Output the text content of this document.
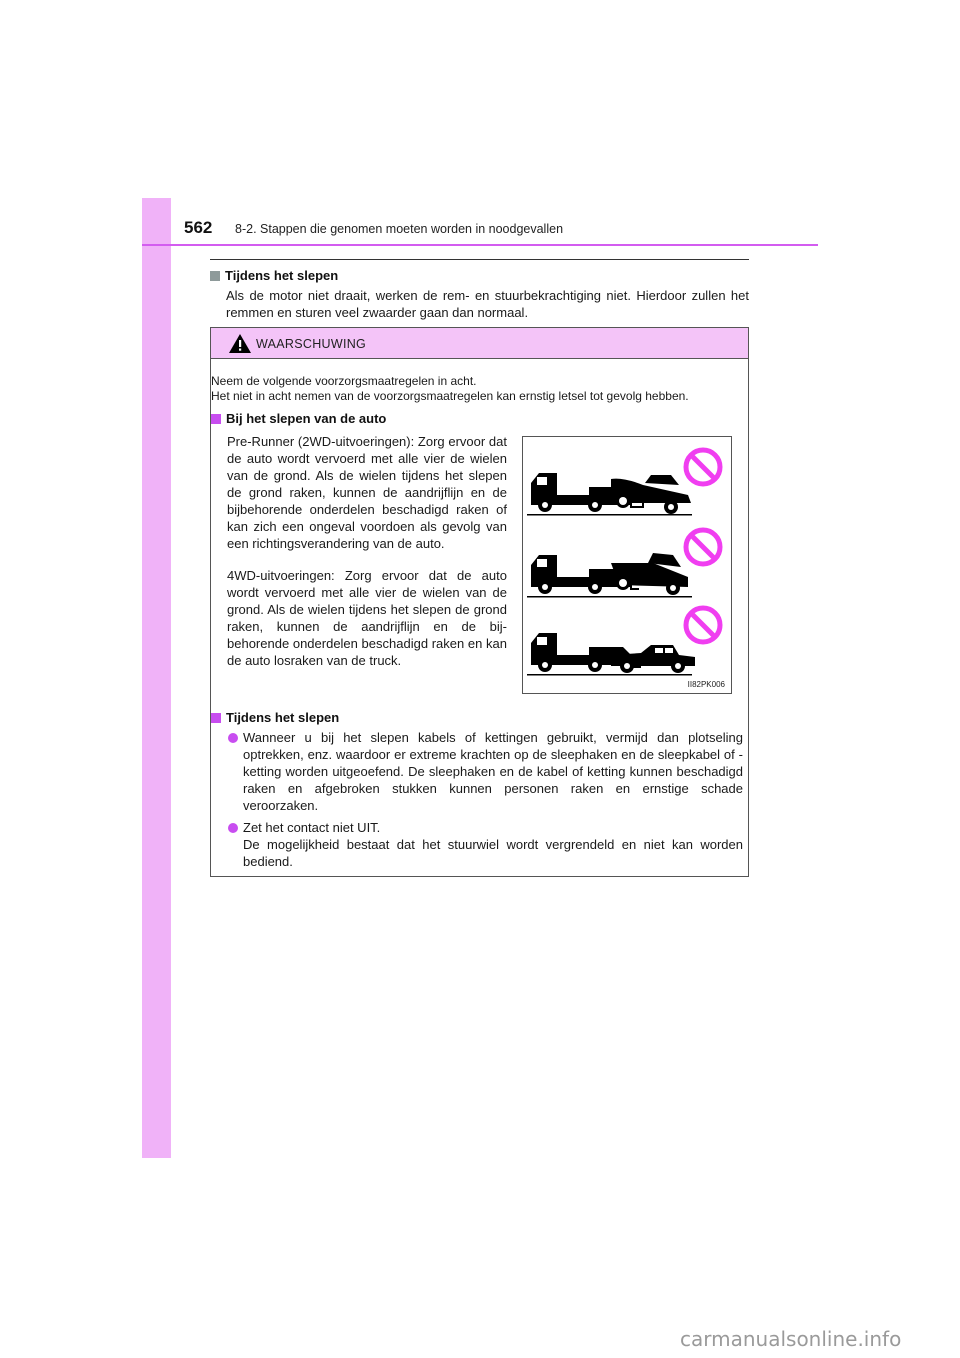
562 8-2. Stappen die genomen moeten worden in noodgevallen
Tijdens het slepen
Als de motor niet draait, werken de rem- en stuurbekrachtiging niet. Hierdoor zullen het remmen en sturen veel zwaarder gaan dan normaal.
WAARSCHUWING
Neem de volgende voorzorgsmaatregelen in acht.
Het niet in acht nemen van de voorzorgsmaatregelen kan ernstig letsel tot gevolg hebben.
Bij het slepen van de auto
Pre-Runner (2WD-uitvoeringen): Zorg ervoor dat de auto wordt vervoerd met alle vier de wielen van de grond. Als de wielen tijdens het slepen de grond raken, kunnen de aandrijflijn en de bijbehorende onderdelen beschadigd raken of kan zich een ongeval voordoen als gevolg van een richtingsverandering van de auto.
4WD-uitvoeringen: Zorg ervoor dat de auto wordt vervoerd met alle vier de wielen van de grond. Als de wielen tijdens het slepen de grond raken, kunnen de aandrijflijn en de bij-behorende onderdelen beschadigd raken en kan de auto losraken van de truck.
Tijdens het slepen
Wanneer u bij het slepen kabels of kettingen gebruikt, vermijd dan plotseling optrekken, enz. waardoor er extreme krachten op de sleephaken en de sleepkabel of -ketting worden uitgeoefend. De sleephaken en de kabel of ketting kunnen beschadigd raken en afgebroken stukken kunnen personen raken en ernstige schade veroorzaken.
Zet het contact niet UIT.
De mogelijkheid bestaat dat het stuurwiel wordt vergrendeld en niet kan worden bediend.
II82PK006
carmanualsonline.info
